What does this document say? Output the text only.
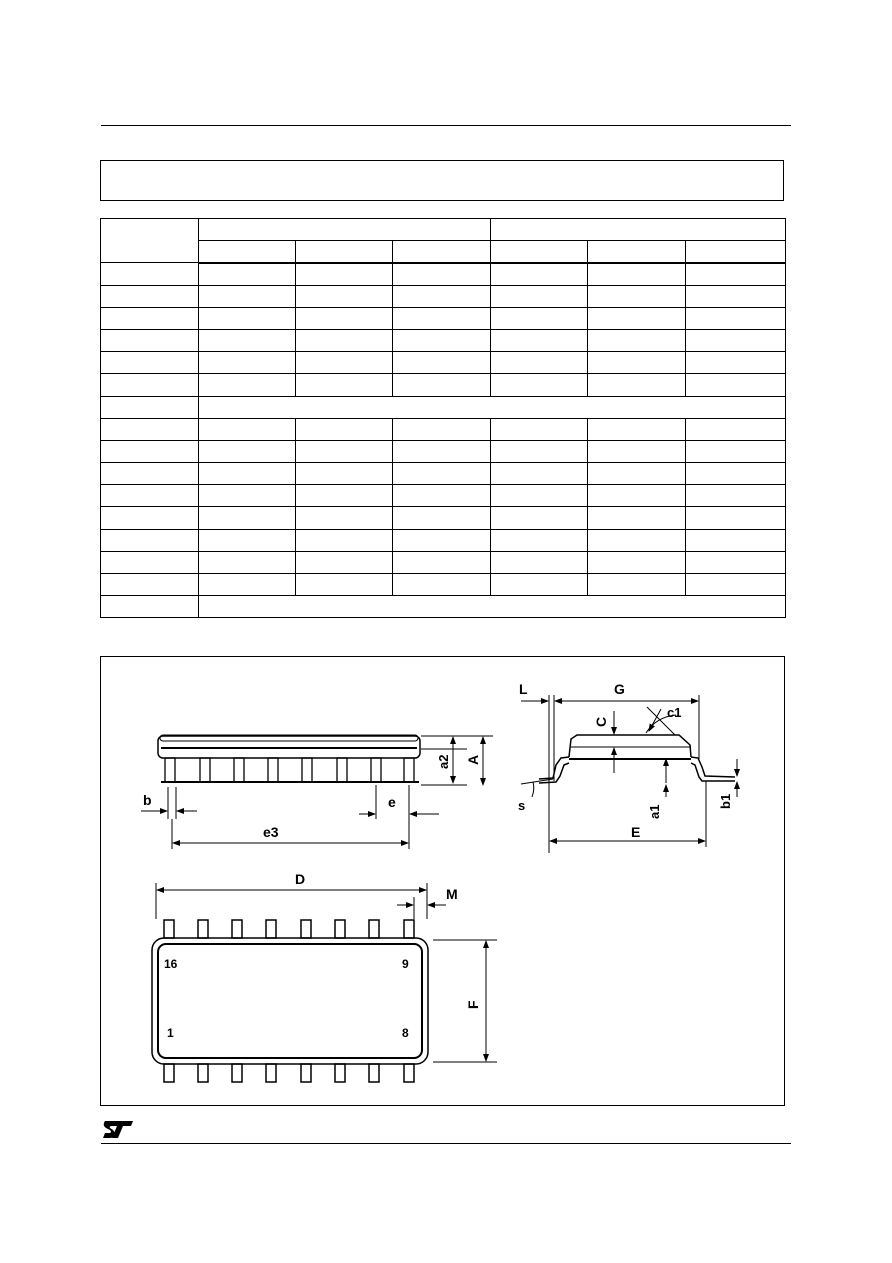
L	G
c1
C
s	a1
b1
E
a2 A
b	e
e3
D
M
F
16	9
1	8
